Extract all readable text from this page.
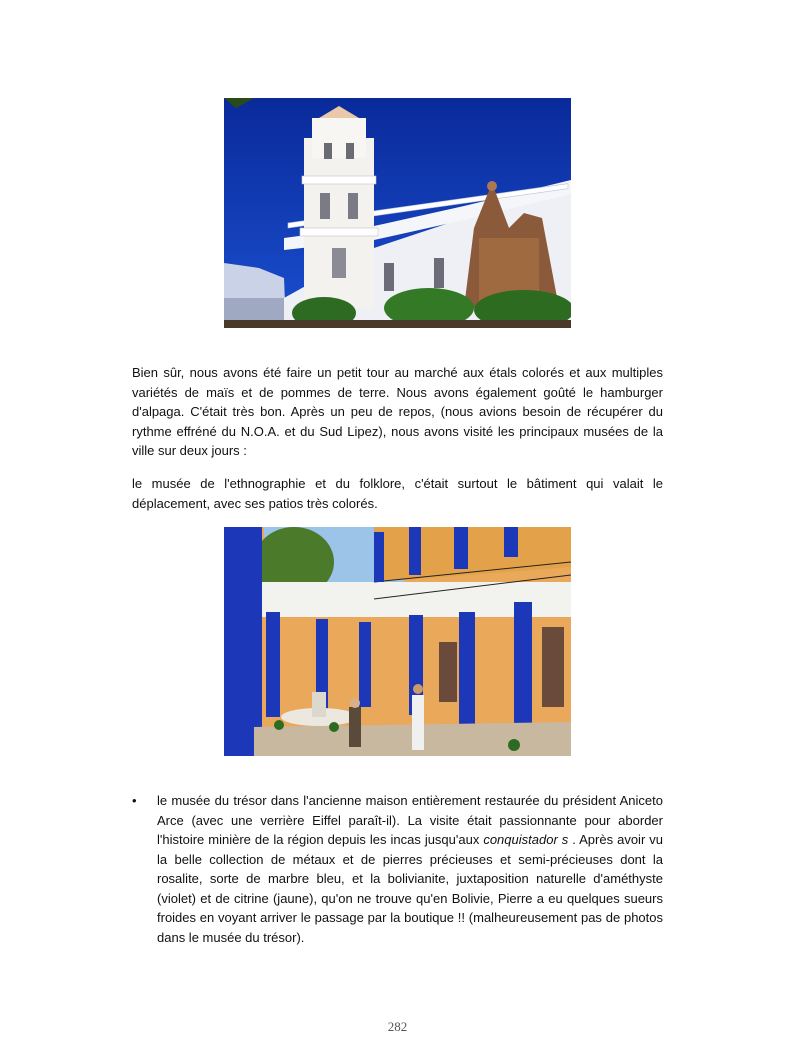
Bien sûr, nous avons été faire un petit tour au marché aux étals colorés et aux multiples variétés de maïs et de pommes de terre. Nous avons également goûté le hamburger d'alpaga. C'était très bon. Après un peu de repos, (nous avions besoin de récupérer du rythme effréné du N.O.A. et du Sud Lipez), nous avons visité les principaux musées de la ville sur deux jours :

le musée de l'ethnographie et du folklore, c'était surtout le bâtiment qui valait le déplacement, avec ses patios très colorés.

• le musée du trésor dans l'ancienne maison entièrement restaurée du président Aniceto Arce (avec une verrière Eiffel paraît-il). La visite était passionnante pour aborder l'histoire minière de la région depuis les incas jusqu'aux conquistador s . Après avoir vu la belle collection de métaux et de pierres précieuses et semi-précieuses dont la rosalite, sorte de marbre bleu, et la bolivianite, juxtaposition naturelle d'améthyste (violet) et de citrine (jaune), qu'on ne trouve qu'en Bolivie, Pierre a eu quelques sueurs froides en voyant arriver le passage par la boutique !! (malheureusement pas de photos dans le musée du trésor).

282
